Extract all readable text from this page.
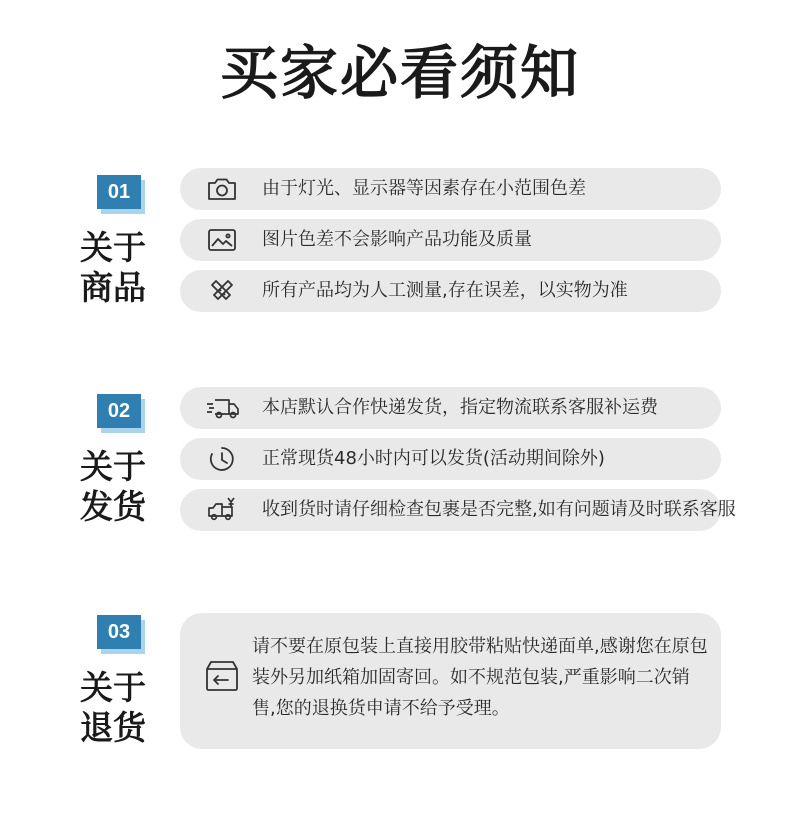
买家必看须知
01
关于
商品
由于灯光、显示器等因素存在小范围色差
图片色差不会影响产品功能及质量
所有产品均为人工测量,存在误差，以实物为准
02
关于
发货
本店默认合作快递发货，指定物流联系客服补运费
正常现货48小时内可以发货(活动期间除外)
收到货时请仔细检查包裹是否完整,如有问题请及时联系客服
03
关于
退货
请不要在原包装上直接用胶带粘贴快递面单,感谢您在原包装外另加纸箱加固寄回。如不规范包装,严重影响二次销售,您的退换货申请不给予受理。
